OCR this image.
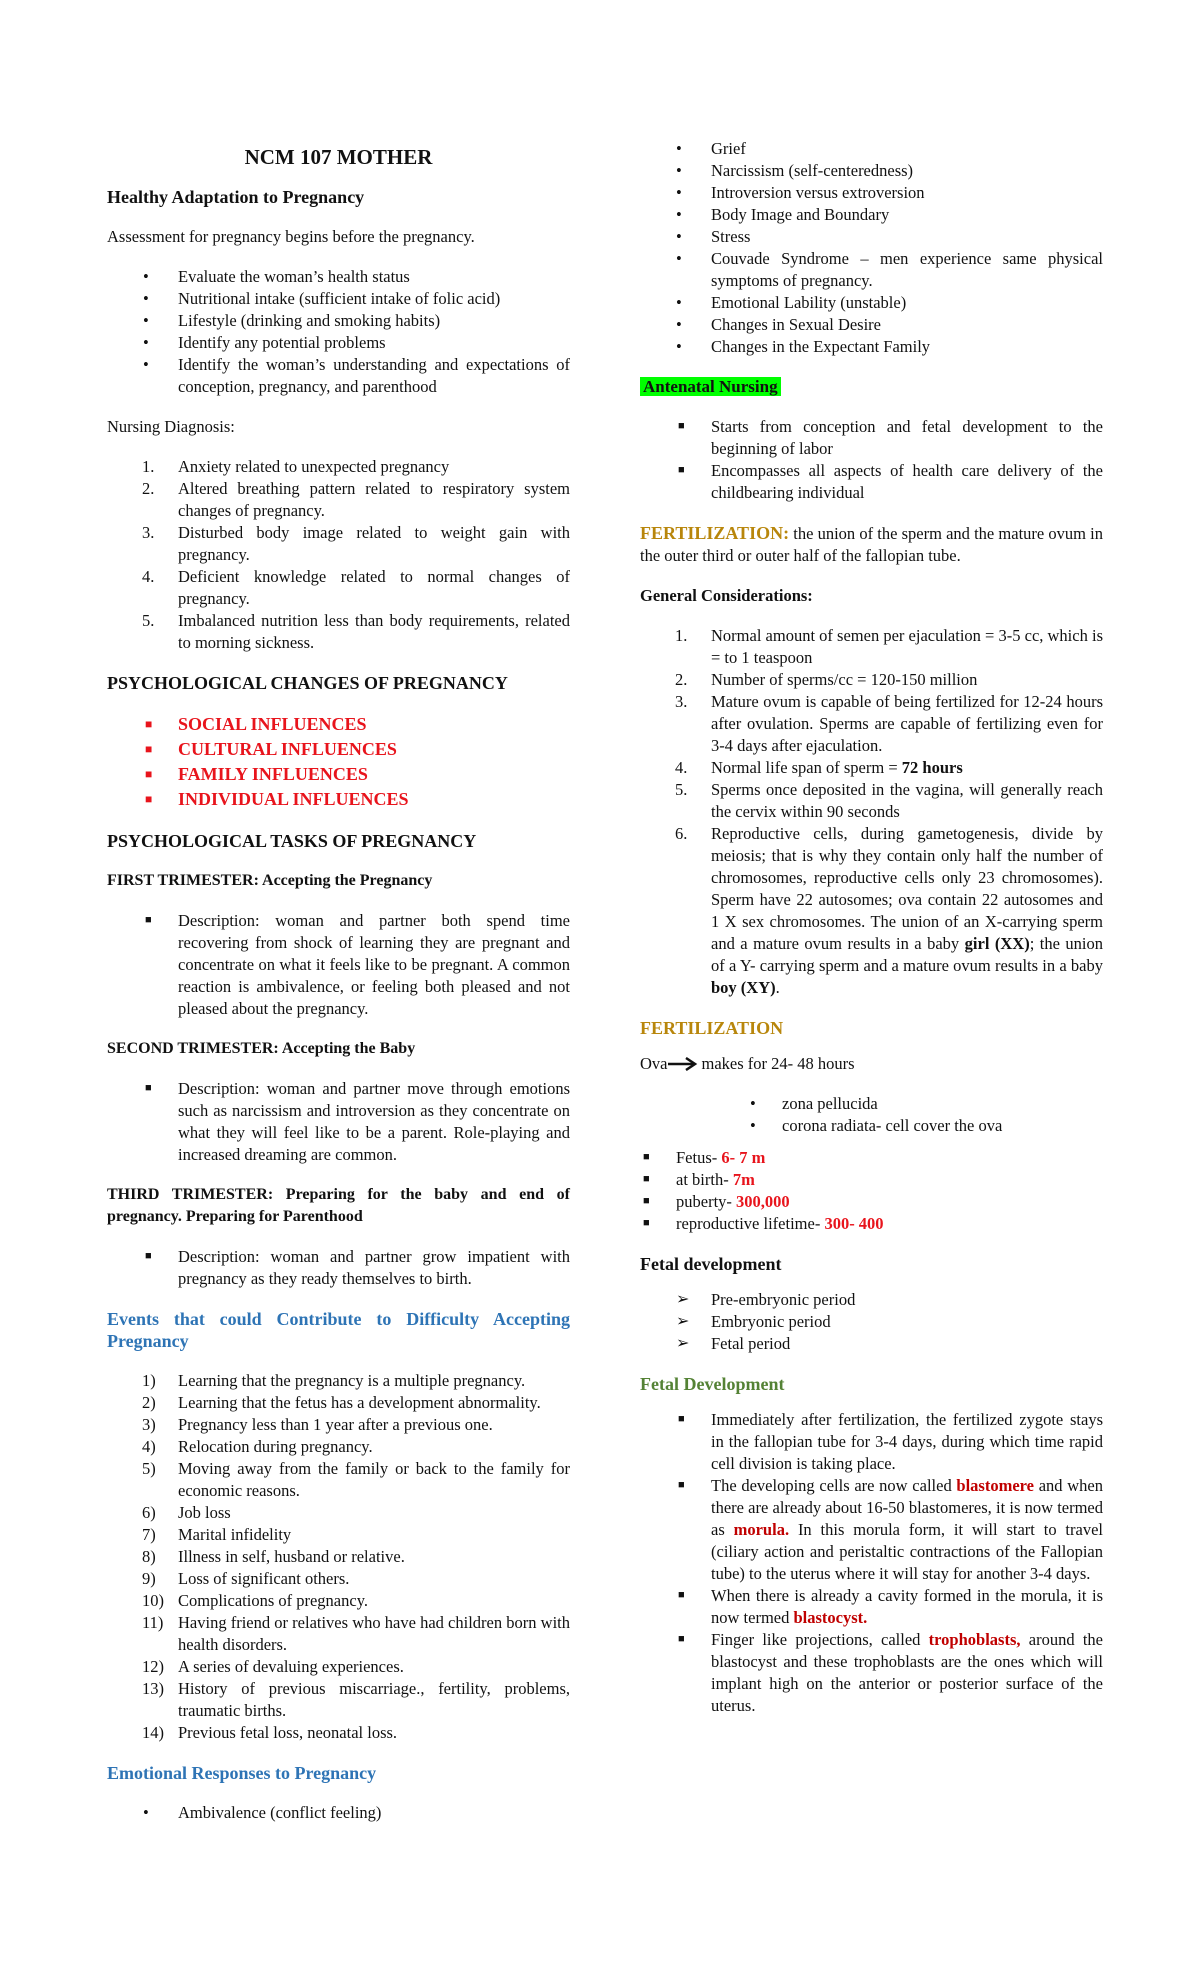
NCM 107 MOTHER
Healthy Adaptation to Pregnancy

Assessment for pregnancy begins before the pregnancy.

• Evaluate the woman’s health status
• Nutritional intake (sufficient intake of folic acid)
• Lifestyle (drinking and smoking habits)
• Identify any potential problems
• Identify the woman’s understanding and expectations of conception, pregnancy, and parenthood

Nursing Diagnosis:

1. Anxiety related to unexpected pregnancy
2. Altered breathing pattern related to respiratory system changes of pregnancy.
3. Disturbed body image related to weight gain with pregnancy.
4. Deficient knowledge related to normal changes of pregnancy.
5. Imbalanced nutrition less than body requirements, related to morning sickness.
PSYCHOLOGICAL CHANGES OF PREGNANCY
■ SOCIAL INFLUENCES
■ CULTURAL INFLUENCES
■ FAMILY INFLUENCES
■ INDIVIDUAL INFLUENCES
PSYCHOLOGICAL TASKS OF PREGNANCY
FIRST TRIMESTER: Accepting the Pregnancy
■ Description: woman and partner both spend time recovering from shock of learning they are pregnant and concentrate on what it feels like to be pregnant. A common reaction is ambivalence, or feeling both pleased and not pleased about the pregnancy.
SECOND TRIMESTER: Accepting the Baby
■ Description: woman and partner move through emotions such as narcissism and introversion as they concentrate on what they will feel like to be a parent. Role-playing and increased dreaming are common.
THIRD TRIMESTER: Preparing for the baby and end of pregnancy. Preparing for Parenthood
■ Description: woman and partner grow impatient with pregnancy as they ready themselves to birth.
Events that could Contribute to Difficulty Accepting Pregnancy
1) Learning that the pregnancy is a multiple pregnancy.
2) Learning that the fetus has a development abnormality.
3) Pregnancy less than 1 year after a previous one.
4) Relocation during pregnancy.
5) Moving away from the family or back to the family for economic reasons.
6) Job loss
7) Marital infidelity
8) Illness in self, husband or relative.
9) Loss of significant others.
10) Complications of pregnancy.
11) Having friend or relatives who have had children born with health disorders.
12) A series of devaluing experiences.
13) History of previous miscarriage., fertility, problems, traumatic births.
14) Previous fetal loss, neonatal loss.
Emotional Responses to Pregnancy
• Ambivalence (conflict feeling)
• Grief
• Narcissism (self-centeredness)
• Introversion versus extroversion
• Body Image and Boundary
• Stress
• Couvade Syndrome – men experience same physical symptoms of pregnancy.
• Emotional Lability (unstable)
• Changes in Sexual Desire
• Changes in the Expectant Family

Antenatal Nursing

■ Starts from conception and fetal development to the beginning of labor
■ Encompasses all aspects of health care delivery of the childbearing individual

FERTILIZATION: the union of the sperm and the mature ovum in the outer third or outer half of the fallopian tube.

General Considerations:

1. Normal amount of semen per ejaculation = 3-5 cc, which is = to 1 teaspoon
2. Number of sperms/cc = 120-150 million
3. Mature ovum is capable of being fertilized for 12-24 hours after ovulation. Sperms are capable of fertilizing even for 3-4 days after ejaculation.
4. Normal life span of sperm = 72 hours
5. Sperms once deposited in the vagina, will generally reach the cervix within 90 seconds
6. Reproductive cells, during gametogenesis, divide by meiosis; that is why they contain only half the number of chromosomes, reproductive cells only 23 chromosomes). Sperm have 22 autosomes; ova contain 22 autosomes and 1 X sex chromosomes. The union of an X-carrying sperm and a mature ovum results in a baby girl (XX); the union of a Y- carrying sperm and a mature ovum results in a baby boy (XY).
FERTILIZATION
Ova makes for 24- 48 hours
• zona pellucida
• corona radiata- cell cover the ova
■ Fetus- 6- 7 m
■ at birth- 7m
■ puberty- 300,000
■ reproductive lifetime- 300- 400
Fetal development
➢ Pre-embryonic period
➢ Embryonic period
➢ Fetal period
Fetal Development
■ Immediately after fertilization, the fertilized zygote stays in the fallopian tube for 3-4 days, during which time rapid cell division is taking place.
■ The developing cells are now called blastomere and when there are already about 16-50 blastomeres, it is now termed as morula. In this morula form, it will start to travel (ciliary action and peristaltic contractions of the Fallopian tube) to the uterus where it will stay for another 3-4 days.
■ When there is already a cavity formed in the morula, it is now termed blastocyst.
■ Finger like projections, called trophoblasts, around the blastocyst and these trophoblasts are the ones which will implant high on the anterior or posterior surface of the uterus.
